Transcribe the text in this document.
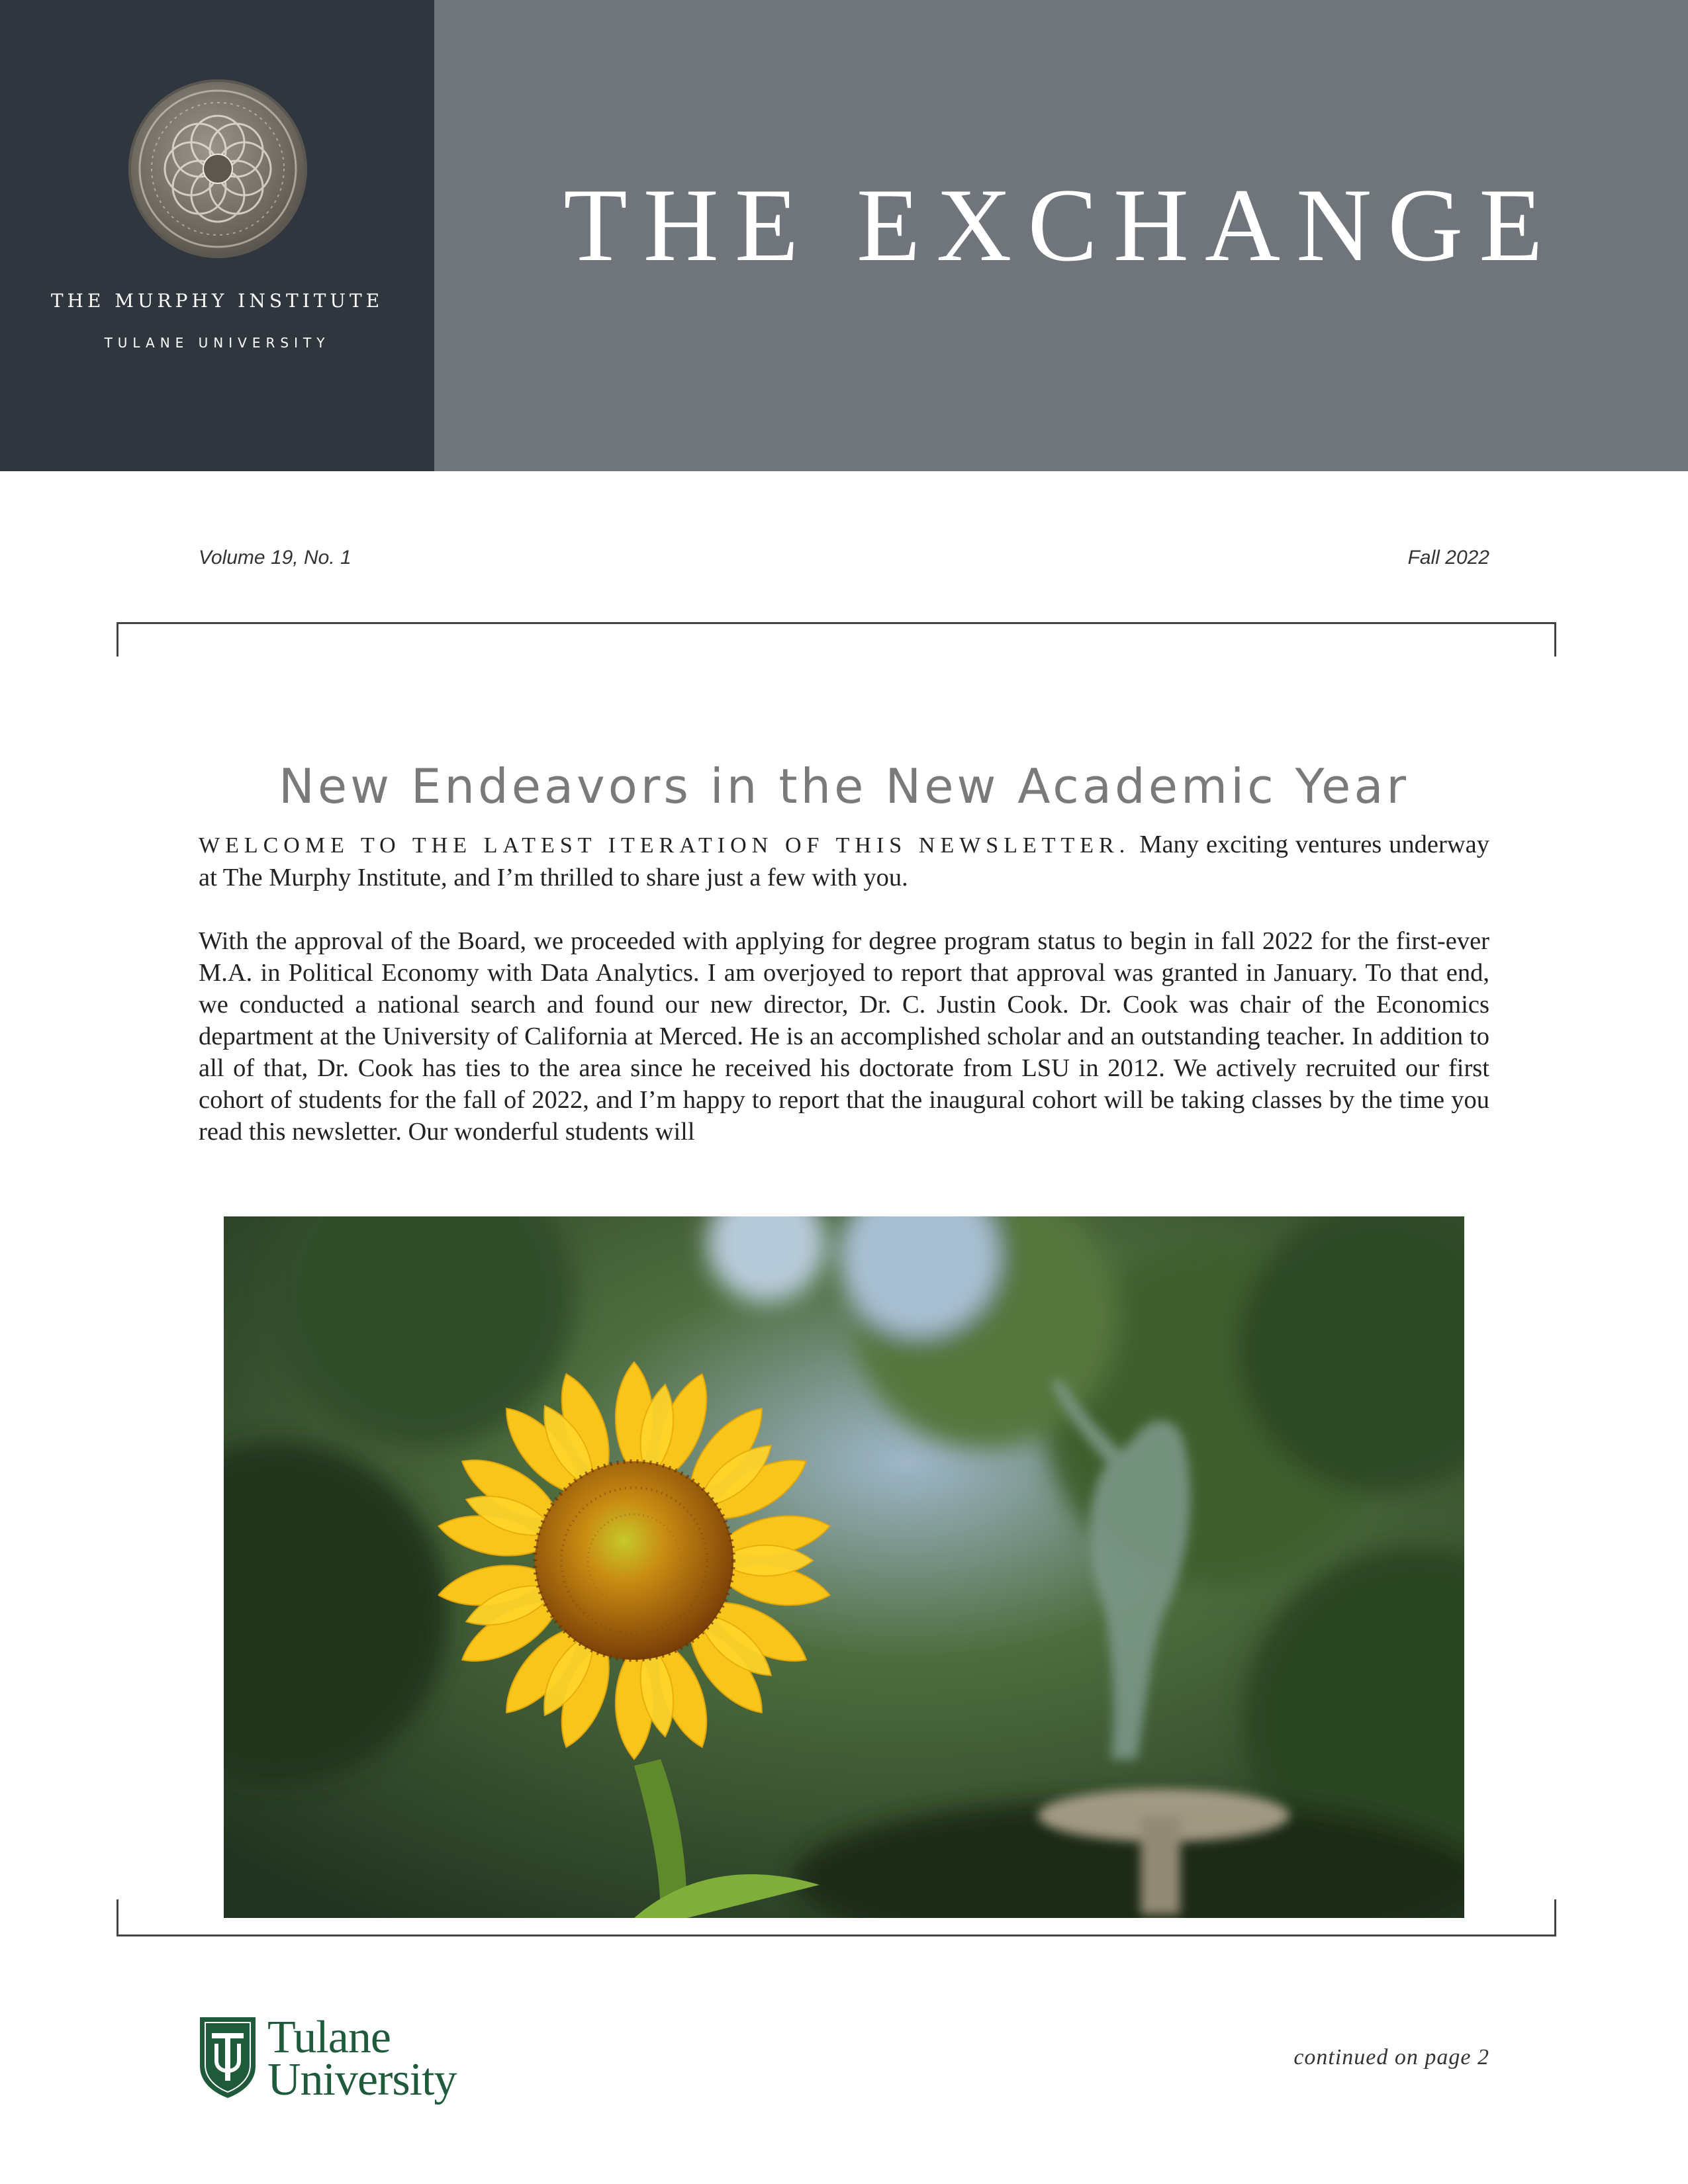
THE MURPHY INSTITUTE
TULANE UNIVERSITY
THE EXCHANGE
Volume 19, No. 1	Fall 2022
New Endeavors in the New Academic Year

WELCOME TO THE LATEST ITERATION OF THIS NEWSLETTER. Many exciting ventures underway at The Murphy Institute, and I’m thrilled to share just a few with you.

With the approval of the Board, we proceeded with applying for degree program status to begin in fall 2022 for the first-ever M.A. in Political Economy with Data Analytics. I am overjoyed to report that approval was granted in January. To that end, we conducted a national search and found our new director, Dr. C. Justin Cook. Dr. Cook was chair of the Economics department at the University of California at Merced. He is an accomplished scholar and an outstanding teacher. In addition to all of that, Dr. Cook has ties to the area since he received his doctorate from LSU in 2012. We actively recruited our first cohort of students for the fall of 2022, and I’m happy to report that the inaugural cohort will be taking classes by the time you read this newsletter. Our wonderful students will

Tulane
University	continued on page 2
